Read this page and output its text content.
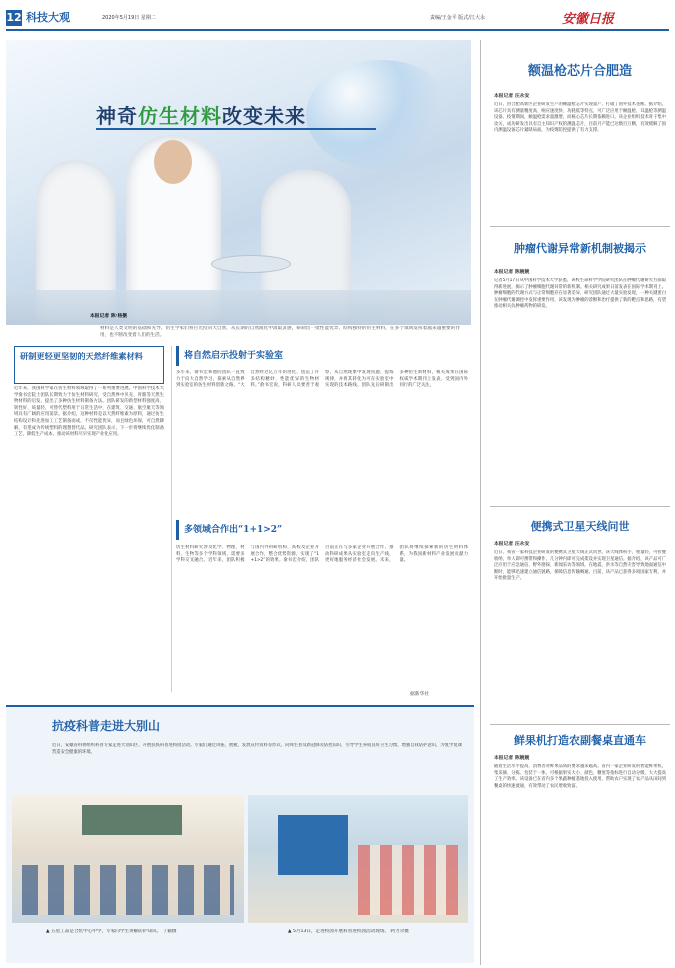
12 科技大观	2020年5月19日 星期二	责编/王金平 版式/江大永	安徽日报
神奇仿生材料改变未来
本报记者 陈·杨摄
材料是人类文明的基础和先导。仿生学家们将目光投向大自然，从长期的自然演化中汲取灵感，研制出一批性能优异、结构独特的仿生材料，在多个领域发挥着越来越重要的作用，也不断改变着人们的生活。
研制更轻更坚韧的天然纤维素材料
近年来，我国科学家在仿生材料领域取得了一系列重要进展。中国科学技术大学俞书宏院士团队长期致力于仿生材料研究，受自然界中贝壳、骨骼等天然生物材料的启发，提出了多种仿生材料制备方法。团队研发的新型材料强度高、韧性好、质量轻，可替代塑料用于日常生活中，在建筑、交通、航空航天等领域具有广阔的应用前景。据介绍，这种材料是以天然纤维素为原料，通过仿生结构设计和先进加工工艺制备而成，不仅性能优异，而且绿色环保，可自然降解，有望成为传统塑料的理想替代品。研究团队表示，下一步将继续优化制备工艺，降低生产成本，推动该材料尽早实现产业化应用。
将自然启示投射于实验室
多年来，俞书宏和他的团队一直致力于向大自然学习，探索从自然界到实验室的仿生材料创新之路。“大自然经过亿万年的进化，创造了许多结构精妙、性能优异的生物材料。”俞书宏说，科研人员要善于观察，从自然现象中发现问题、提炼规律，并将其转化为可在实验室中实现的技术路线。团队先后研制出多种仿生新材料，相关成果在国际权威学术期刊上发表，受到国内外同行的广泛关注。
多领域合作出“1+1>2”
仿生材料研究涉及化学、物理、材料、生物等多个学科领域，需要多学科交叉融合。近年来，团队积极与国内外科研机构、高校及企业开展合作，整合优势资源，实现了“1+1>2”的效果。俞书宏介绍，团队目前正在与多家企业开展合作，推动科研成果从实验室走向生产线，更好地服务经济社会发展。未来，团队将继续探索新的仿生材料体系，为我国新材料产业发展贡献力量。
据新华社
额温枪芯片合肥造
本报记者 汪永安
近日，由合肥高新区企业研发生产的额温枪芯片实现量产，打破了国外技术垄断。据介绍，该芯片具有测量精度高、响应速度快、功耗低等特点，可广泛应用于额温枪、耳温枪等测温设备。疫情期间，额温枪需求量激增，而核心芯片长期依赖进口。该企业组织技术骨干集中攻关，成功研发出具有自主知识产权的测温芯片，目前月产能已达数百万颗，有效缓解了国内测温设备芯片紧缺局面，为疫情防控提供了有力支撑。
肿瘤代谢异常新机制被揭示
本报记者 陈婉婉
记者5月17日从中国科学技术大学获悉，该校生命科学学院研究团队在肿瘤代谢研究方面取得新进展，揭示了肿瘤细胞代谢异常的新机制。相关研究成果日前发表在国际学术期刊上。肿瘤细胞的代谢方式与正常细胞存在显著差异，研究团队通过大量实验发现，一种关键蛋白在肿瘤代谢调控中发挥重要作用，该发现为肿瘤的诊断和治疗提供了新的靶点和思路，有望推动相关抗肿瘤药物的研发。
便携式卫星天线问世
本报记者 汪永安
近日，我省一家科技企业研发的便携式卫星天线正式问世。该天线体积小、重量轻，可折叠收纳，单人即可携带和操作，几分钟内即可完成架设并实现卫星通信。据介绍，该产品可广泛应用于应急通信、野外勘探、新闻采访等领域，在地震、洪水等自然灾害导致地面通信中断时，能够迅速建立通信链路，保障信息传输畅通。目前，该产品已获得多项国家专利，并开始批量生产。
鲜果机打造农副餐桌直通车
本报记者 陈婉婉
随着生活水平提高，消费者对鲜果品质的要求越来越高。省内一家企业研发的智能鲜果机，集采摘、分拣、包装于一体，可根据果实大小、颜色、糖度等指标进行自动分级，大大提高了生产效率。该设备已在省内多个果蔬种植基地投入使用，帮助农户实现了农产品从田间到餐桌的快速流通，有效带动了农民增收致富。
抗疫科普走进大别山
近日，安徽省科协组织科普专家走进大别山区，开展抗疫科普进校园活动。专家们通过讲座、展板、发放宣传资料等形式，向师生普及新冠肺炎防控知识，引导学生养成良好卫生习惯，增强自我防护意识，为复学复课营造安全健康的环境。
▲ 五星工品是合化中心中学，专家向学生讲解防护知识。 丁颖摄	▲ 5月13日，走进校园开展科普进校园活动现场。 阿力尔摄
